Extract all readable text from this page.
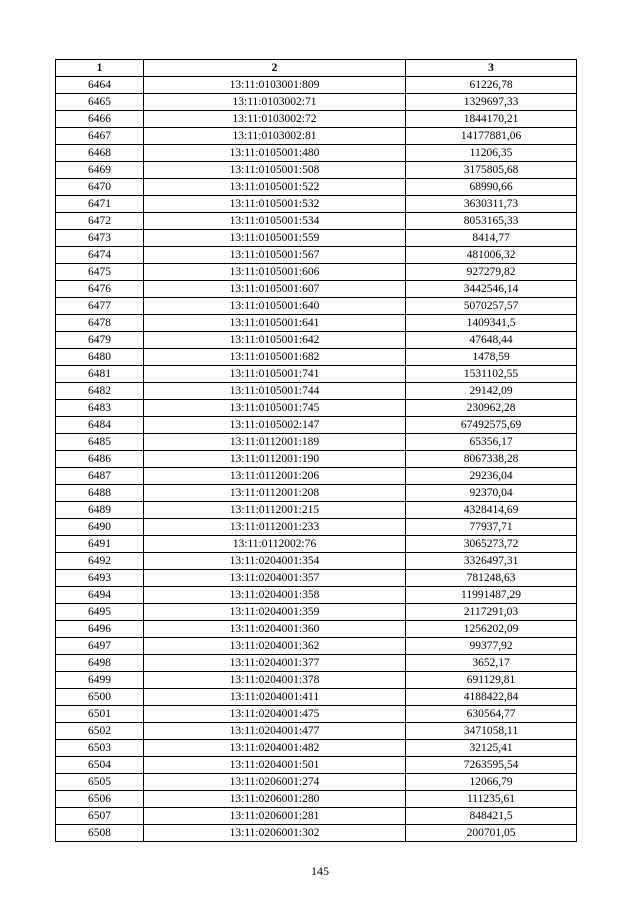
1	2	3
6464	13:11:0103001:809	61226,78
6465	13:11:0103002:71	1329697,33
6466	13:11:0103002:72	1844170,21
6467	13:11:0103002:81	14177881,06
6468	13:11:0105001:480	11206,35
6469	13:11:0105001:508	3175805,68
6470	13:11:0105001:522	68990,66
6471	13:11:0105001:532	3630311,73
6472	13:11:0105001:534	8053165,33
6473	13:11:0105001:559	8414,77
6474	13:11:0105001:567	481006,32
6475	13:11:0105001:606	927279,82
6476	13:11:0105001:607	3442546,14
6477	13:11:0105001:640	5070257,57
6478	13:11:0105001:641	1409341,5
6479	13:11:0105001:642	47648,44
6480	13:11:0105001:682	1478,59
6481	13:11:0105001:741	1531102,55
6482	13:11:0105001:744	29142,09
6483	13:11:0105001:745	230962,28
6484	13:11:0105002:147	67492575,69
6485	13:11:0112001:189	65356,17
6486	13:11:0112001:190	8067338,28
6487	13:11:0112001:206	29236,04
6488	13:11:0112001:208	92370,04
6489	13:11:0112001:215	4328414,69
6490	13:11:0112001:233	77937,71
6491	13:11:0112002:76	3065273,72
6492	13:11:0204001:354	3326497,31
6493	13:11:0204001:357	781248,63
6494	13:11:0204001:358	11991487,29
6495	13:11:0204001:359	2117291,03
6496	13:11:0204001:360	1256202,09
6497	13:11:0204001:362	99377,92
6498	13:11:0204001:377	3652,17
6499	13:11:0204001:378	691129,81
6500	13:11:0204001:411	4188422,84
6501	13:11:0204001:475	630564,77
6502	13:11:0204001:477	3471058,11
6503	13:11:0204001:482	32125,41
6504	13:11:0204001:501	7263595,54
6505	13:11:0206001:274	12066,79
6506	13:11:0206001:280	111235,61
6507	13:11:0206001:281	848421,5
6508	13:11:0206001:302	200701,05
145
